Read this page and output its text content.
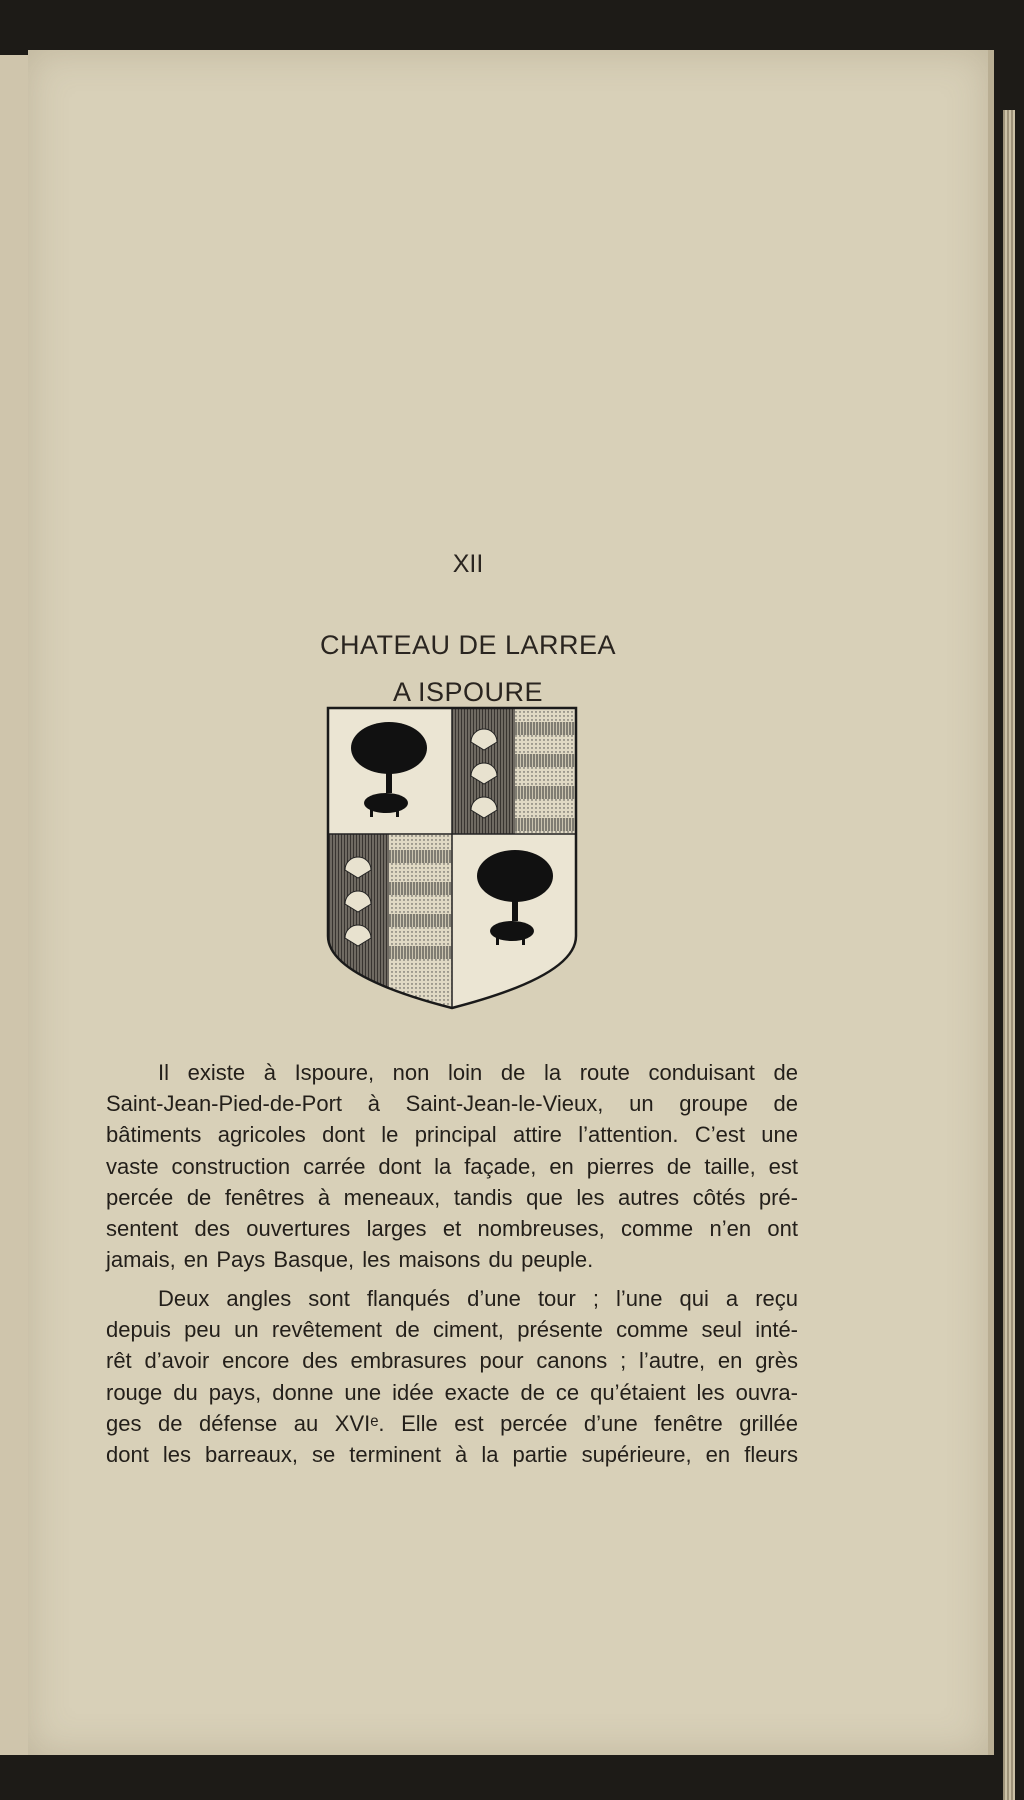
XII
CHATEAU DE LARREA
A ISPOURE
Il existe à Ispoure, non loin de la route conduisant de
Saint-Jean-Pied-de-Port à Saint-Jean-le-Vieux, un groupe de
bâtiments agricoles dont le principal attire l’attention. C’est une
vaste construction carrée dont la façade, en pierres de taille, est
percée de fenêtres à meneaux, tandis que les autres côtés pré-
sentent des ouvertures larges et nombreuses, comme n’en ont
jamais, en Pays Basque, les maisons du peuple.
Deux angles sont flanqués d’une tour ; l’une qui a reçu
depuis peu un revêtement de ciment, présente comme seul inté-
rêt d’avoir encore des embrasures pour canons ; l’autre, en grès
rouge du pays, donne une idée exacte de ce qu’étaient les ouvra-
ges de défense au XVIᵉ. Elle est percée d’une fenêtre grillée
dont les barreaux, se terminent à la partie supérieure, en fleurs
